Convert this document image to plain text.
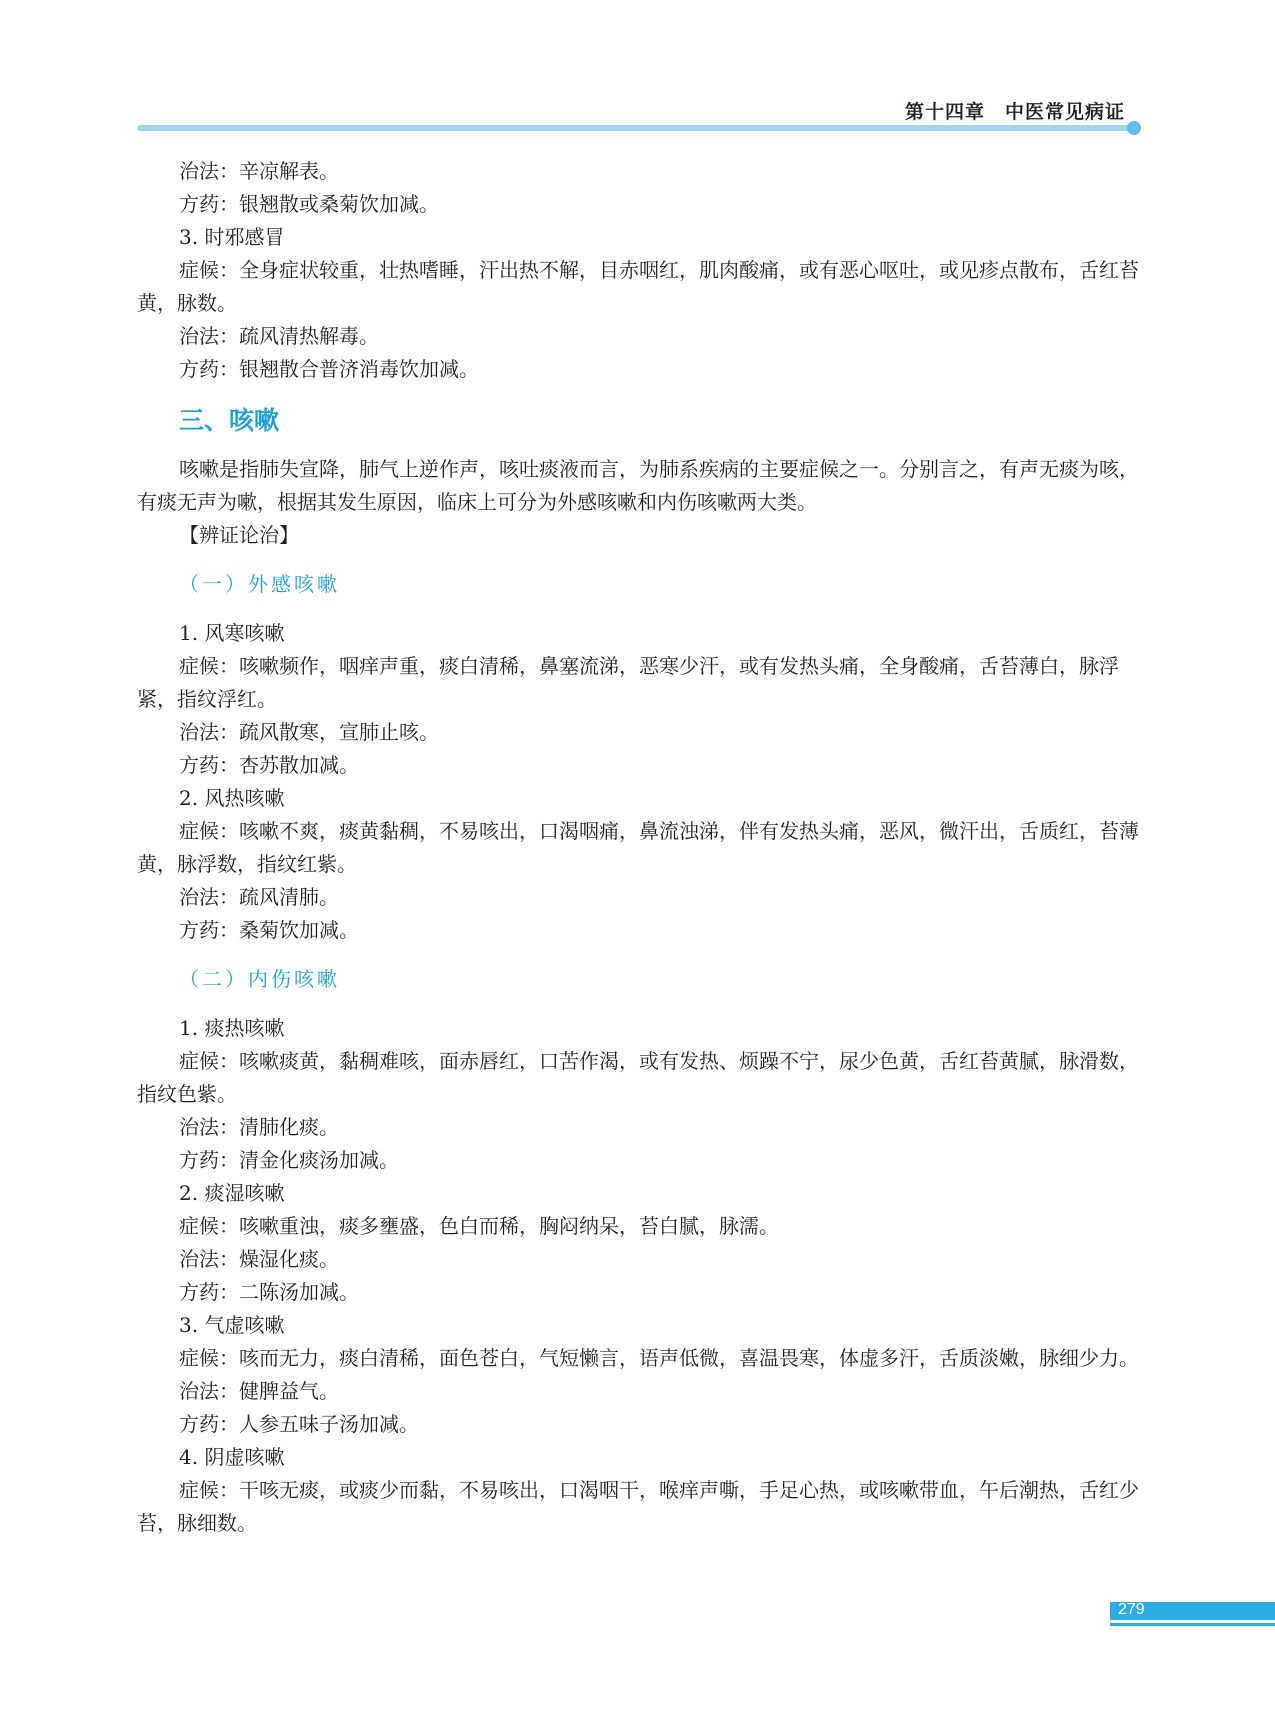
第十四章　中医常见病证
治法：辛凉解表。
方药：银翘散或桑菊饮加减。
3. 时邪感冒
症候：全身症状较重，壮热嗜睡，汗出热不解，目赤咽红，肌肉酸痛，或有恶心呕吐，或见疹点散布，舌红苔黄，脉数。
治法：疏风清热解毒。
方药：银翘散合普济消毒饮加减。
三、咳嗽
咳嗽是指肺失宣降，肺气上逆作声，咳吐痰液而言，为肺系疾病的主要症候之一。分别言之，有声无痰为咳，有痰无声为嗽，根据其发生原因，临床上可分为外感咳嗽和内伤咳嗽两大类。
【辨证论治】
（一）外感咳嗽
1. 风寒咳嗽
症候：咳嗽频作，咽痒声重，痰白清稀，鼻塞流涕，恶寒少汗，或有发热头痛，全身酸痛，舌苔薄白，脉浮紧，指纹浮红。
治法：疏风散寒，宣肺止咳。
方药：杏苏散加减。
2. 风热咳嗽
症候：咳嗽不爽，痰黄黏稠，不易咳出，口渴咽痛，鼻流浊涕，伴有发热头痛，恶风，微汗出，舌质红，苔薄黄，脉浮数，指纹红紫。
治法：疏风清肺。
方药：桑菊饮加减。
（二）内伤咳嗽
1. 痰热咳嗽
症候：咳嗽痰黄，黏稠难咳，面赤唇红，口苦作渴，或有发热、烦躁不宁，尿少色黄，舌红苔黄腻，脉滑数，指纹色紫。
治法：清肺化痰。
方药：清金化痰汤加减。
2. 痰湿咳嗽
症候：咳嗽重浊，痰多壅盛，色白而稀，胸闷纳呆，苔白腻，脉濡。
治法：燥湿化痰。
方药：二陈汤加减。
3. 气虚咳嗽
症候：咳而无力，痰白清稀，面色苍白，气短懒言，语声低微，喜温畏寒，体虚多汗，舌质淡嫩，脉细少力。
治法：健脾益气。
方药：人参五味子汤加减。
4. 阴虚咳嗽
症候：干咳无痰，或痰少而黏，不易咳出，口渴咽干，喉痒声嘶，手足心热，或咳嗽带血，午后潮热，舌红少苔，脉细数。
279
